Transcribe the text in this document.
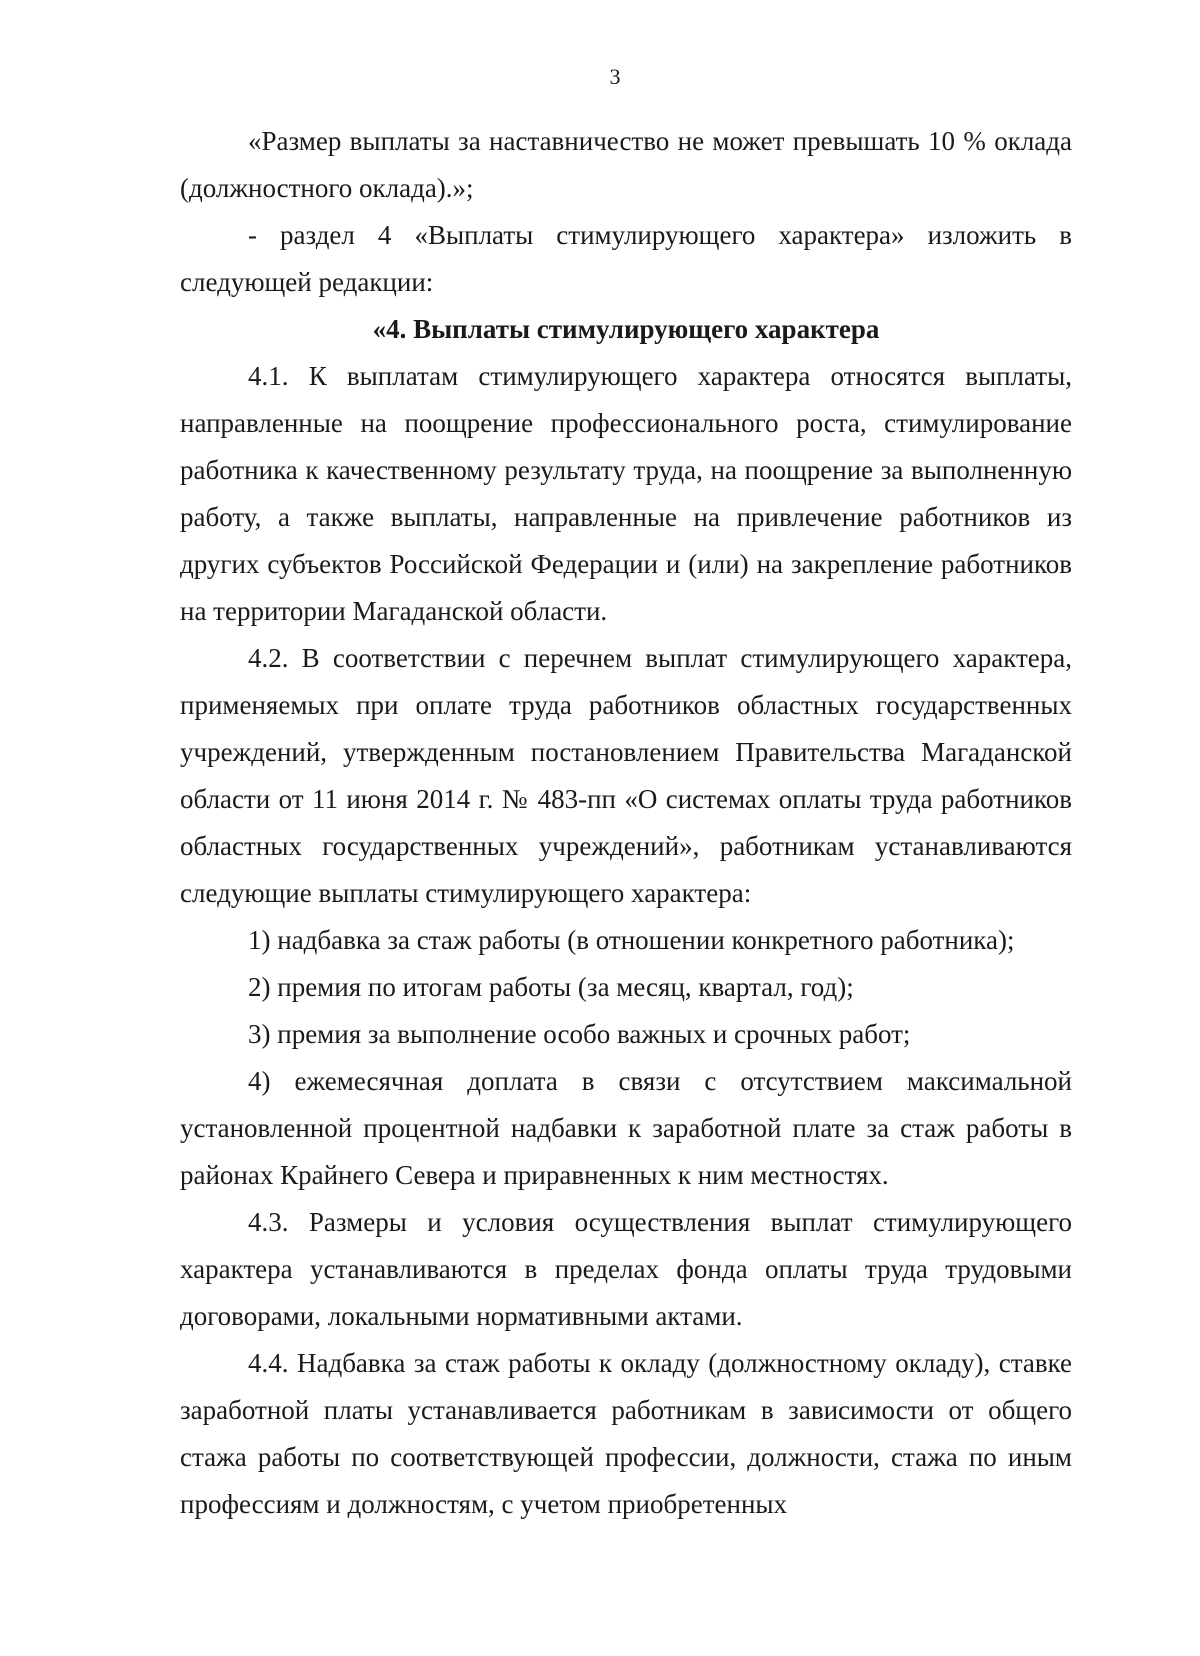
3

«Размер выплаты за наставничество не может превышать 10 % оклада (должностного оклада).»;

- раздел 4 «Выплаты стимулирующего характера» изложить в следующей редакции:

«4. Выплаты стимулирующего характера

4.1. К выплатам стимулирующего характера относятся выплаты, направленные на поощрение профессионального роста, стимулирование работника к качественному результату труда, на поощрение за выполненную работу, а также выплаты, направленные на привлечение работников из других субъектов Российской Федерации и (или) на закрепление работников на территории Магаданской области.

4.2. В соответствии с перечнем выплат стимулирующего характера, применяемых при оплате труда работников областных государственных учреждений, утвержденным постановлением Правительства Магаданской области от 11 июня 2014 г. № 483-пп «О системах оплаты труда работников областных государственных учреждений», работникам устанавливаются следующие выплаты стимулирующего характера:

1) надбавка за стаж работы (в отношении конкретного работника);

2) премия по итогам работы (за месяц, квартал, год);

3) премия за выполнение особо важных и срочных работ;

4) ежемесячная доплата в связи с отсутствием максимальной установленной процентной надбавки к заработной плате за стаж работы в районах Крайнего Севера и приравненных к ним местностях.

4.3. Размеры и условия осуществления выплат стимулирующего характера устанавливаются в пределах фонда оплаты труда трудовыми договорами, локальными нормативными актами.

4.4. Надбавка за стаж работы к окладу (должностному окладу), ставке заработной платы устанавливается работникам в зависимости от общего стажа работы по соответствующей профессии, должности, стажа по иным профессиям и должностям, с учетом приобретенных
